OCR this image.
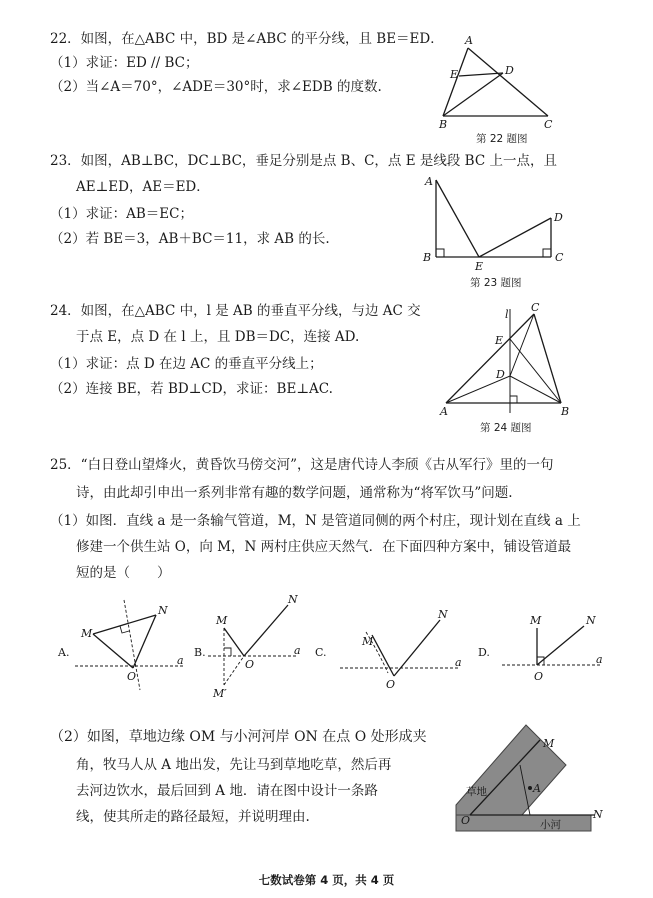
22．如图，在△ABC 中，BD 是∠ABC 的平分线，且 BE＝ED．
（1）求证：ED // BC；
（2）当∠A＝70°，∠ADE＝30°时，求∠EDB 的度数.
A
E	D
B	C
第 22 题图
23．如图，AB⊥BC，DC⊥BC，垂足分别是点 B、C，点 E 是线段 BC 上一点，且
AE⊥ED，AE＝ED．
（1）求证：AB＝EC；
（2）若 BE＝3，AB＋BC＝11，求 AB 的长.
A
B
E
D
C
第 23 题图
24．如图，在△ABC 中，l 是 AB 的垂直平分线，与边 AC 交
于点 E，点 D 在 l 上，且 DB＝DC，连接 AD.
（1）求证：点 D 在边 AC 的垂直平分线上；
（2）连接 BE，若 BD⊥CD，求证：BE⊥AC.
l
C
E
D
A	B
第 24 题图
25．“白日登山望烽火，黄昏饮马傍交河”，这是唐代诗人李颀《古从军行》里的一句
诗，由此却引申出一系列非常有趣的数学问题，通常称为“将军饮马”问题.
（1）如图．直线 a 是一条输气管道，M，N 是管道同侧的两个村庄，现计划在直线 a 上
修建一个供生站 O，向 M，N 两村庄供应天然气．在下面四种方案中，铺设管道最
短的是（　　）
A.
M
N
O
a
B.
M
N
O
M′
a C.
M
N
O
a
D.
M	N
O
a
（2）如图，草地边缘 OM 与小河河岸 ON 在点 O 处形成夹
角，牧马人从 A 地出发，先让马到草地吃草，然后再
去河边饮水，最后回到 A 地．请在图中设计一条路
线，使其所走的路径最短，并说明理由.
草地
小河
M
N
A
O
七数试卷第 4 页，共 4 页
